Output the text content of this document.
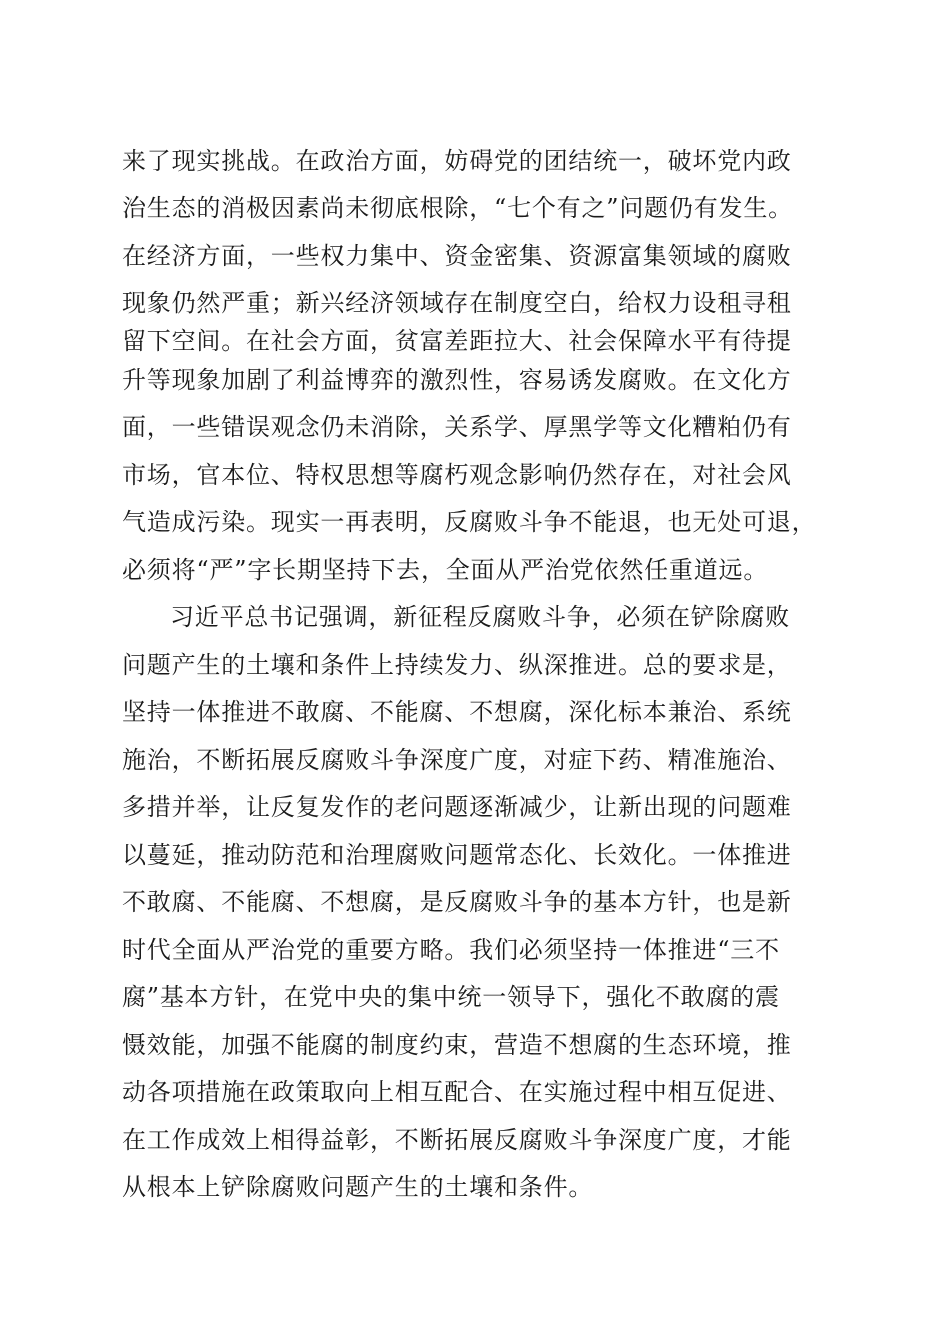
来了现实挑战。在政治方面，妨碍党的团结统一，破坏党内政
治生态的消极因素尚未彻底根除，“七个有之”问题仍有发生。
在经济方面，一些权力集中、资金密集、资源富集领域的腐败
现象仍然严重；新兴经济领域存在制度空白，给权力设租寻租
留下空间。在社会方面，贫富差距拉大、社会保障水平有待提
升等现象加剧了利益博弈的激烈性，容易诱发腐败。在文化方
面，一些错误观念仍未消除，关系学、厚黑学等文化糟粕仍有
市场，官本位、特权思想等腐朽观念影响仍然存在，对社会风
气造成污染。现实一再表明，反腐败斗争不能退，也无处可退，
必须将“严”字长期坚持下去，全面从严治党依然任重道远。
习近平总书记强调，新征程反腐败斗争，必须在铲除腐败
问题产生的土壤和条件上持续发力、纵深推进。总的要求是，
坚持一体推进不敢腐、不能腐、不想腐，深化标本兼治、系统
施治，不断拓展反腐败斗争深度广度，对症下药、精准施治、
多措并举，让反复发作的老问题逐渐减少，让新出现的问题难
以蔓延，推动防范和治理腐败问题常态化、长效化。一体推进
不敢腐、不能腐、不想腐，是反腐败斗争的基本方针，也是新
时代全面从严治党的重要方略。我们必须坚持一体推进“三不
腐”基本方针，在党中央的集中统一领导下，强化不敢腐的震
慑效能，加强不能腐的制度约束，营造不想腐的生态环境，推
动各项措施在政策取向上相互配合、在实施过程中相互促进、
在工作成效上相得益彰，不断拓展反腐败斗争深度广度，才能
从根本上铲除腐败问题产生的土壤和条件。
